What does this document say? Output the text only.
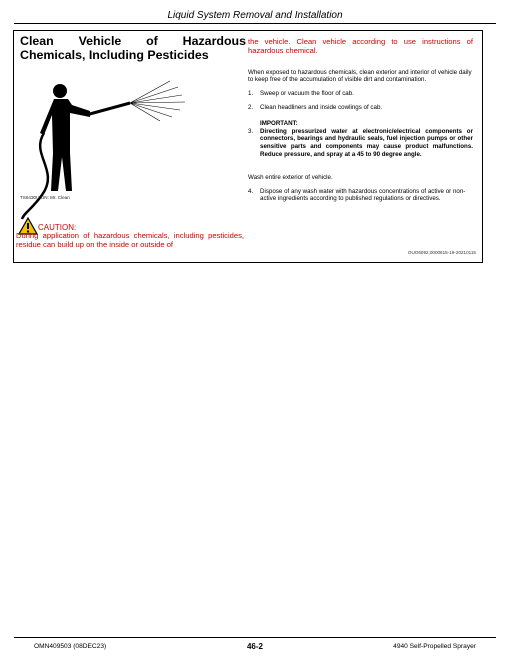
Liquid System Removal and Installation
Clean Vehicle of Hazardous Chemicals, Including Pesticides
TS6430U-UN: Mr. Clean
CAUTION:
During application of hazardous chemicals, including pesticides, residue can build up on the inside or outside of
the vehicle. Clean vehicle according to use instructions of hazardous chemical.
When exposed to hazardous chemicals, clean exterior and interior of vehicle daily to keep free of the accumulation of visible dirt and contamination.
1.	Sweep or vacuum the floor of cab.
2.	Clean headliners and inside cowlings of cab.
IMPORTANT:
3.	Directing pressurized water at electronic/electrical components or connectors, bearings and hydraulic seals, fuel injection pumps or other sensitive parts and components may cause product malfunctions. Reduce pressure, and spray at a 45 to 90 degree angle.
Wash entire exterior of vehicle.
4.	Dispose of any wash water with hazardous concentrations of active or non-active ingredients according to published regulations or directives.
OUO6092,0000615-19-20210115
OMN409503 (08DEC23)	46-2	4940 Self-Propelled Sprayer
